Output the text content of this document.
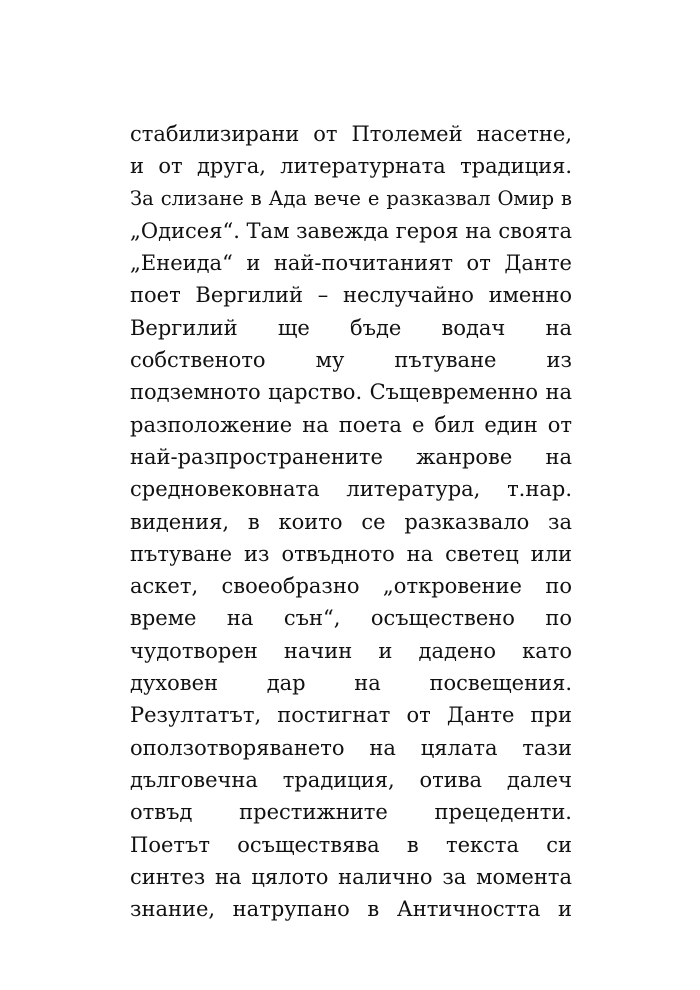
стабилизирани от Птолемей насетне,
и от друга, литературната традиция.
За слизане в Ада вече е разказвал Омир в
„Одисея“. Там завежда героя на своята
„Енеида“ и най-почитаният от Данте
поет Вергилий – неслучайно именно
Вергилий ще бъде водач на
собственото му пътуване из
подземното царство. Същевременно на
разположение на поета е бил един от
най-разпространените жанрове на
средновековната литература, т.нар.
видения, в които се разказвало за
пътуване из отвъдното на светец или
аскет, своеобразно „откровение по
време на сън“, осъществено по
чудотворен начин и дадено като
духовен дар на посвещения.
Резултатът, постигнат от Данте при
оползотворяването на цялата тази
дълговечна традиция, отива далеч
отвъд престижните прецеденти.
Поетът осъществява в текста си
синтез на цялото налично за момента
знание, натрупано в Античността и
